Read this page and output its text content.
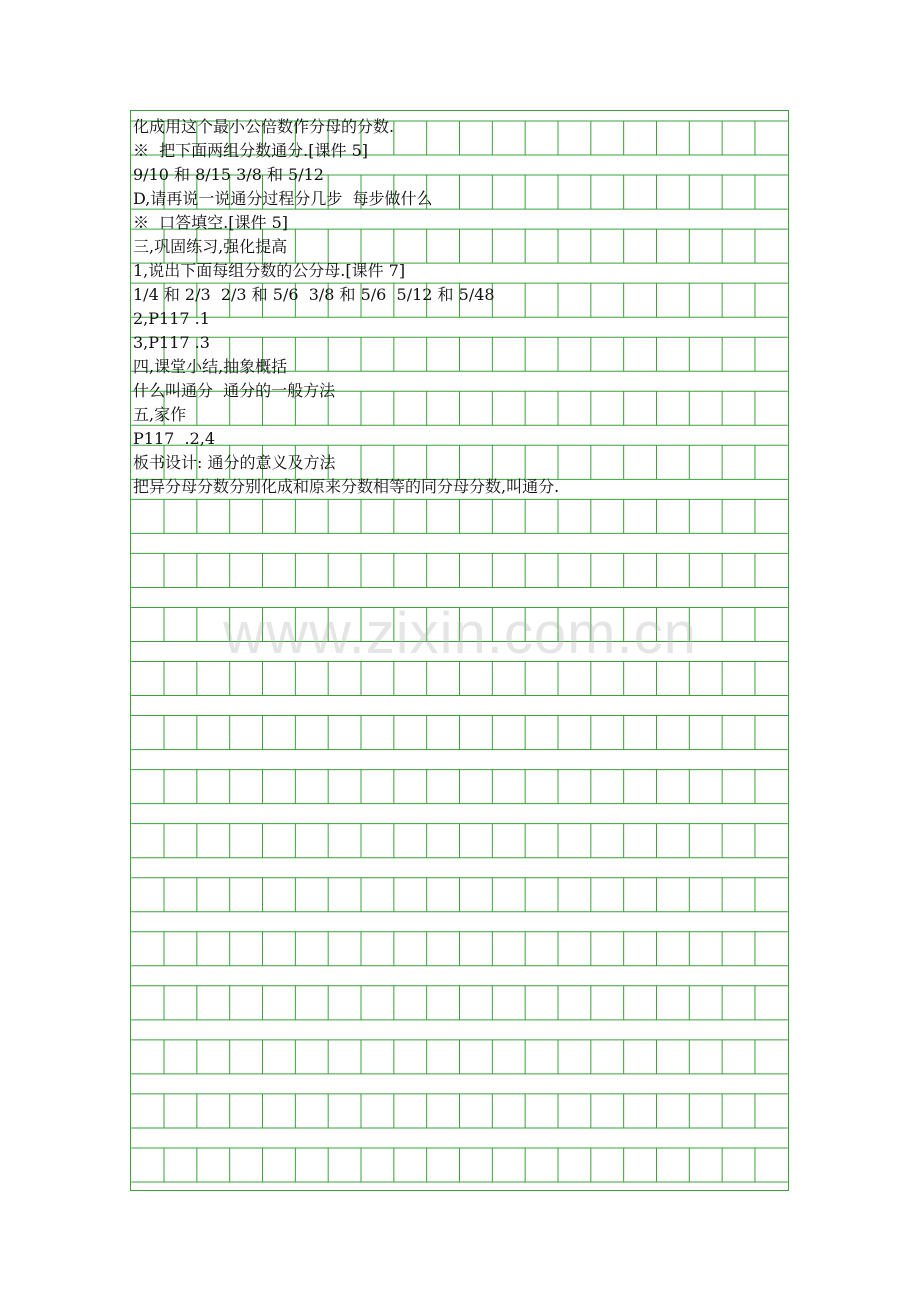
化成用这个最小公倍数作分母的分数.
※  把下面两组分数通分.[课件 5]
9/10 和 8/15 3/8 和 5/12
D,请再说一说通分过程分几步  每步做什么
※  口答填空.[课件 5]
三,巩固练习,强化提高
1,说出下面每组分数的公分母.[课件 7]
1/4 和 2/3  2/3 和 5/6  3/8 和 5/6  5/12 和 5/48
2,P117 .1
3,P117 .3
四,课堂小结,抽象概括
什么叫通分  通分的一般方法
五,家作
P117  .2,4
板书设计: 通分的意义及方法
把异分母分数分别化成和原来分数相等的同分母分数,叫通分.
www.zixin.com.cn
